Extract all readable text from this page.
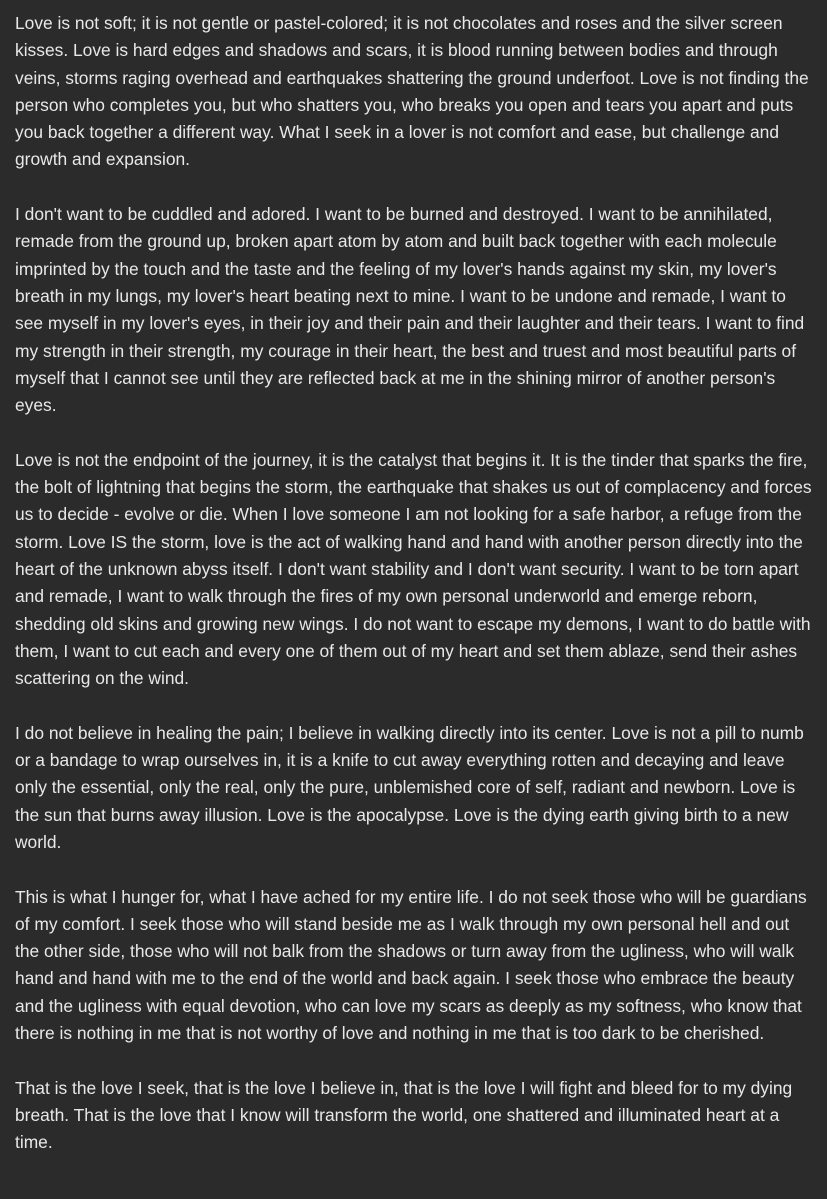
Love is not soft; it is not gentle or pastel-colored; it is not chocolates and roses and the silver screen kisses. Love is hard edges and shadows and scars, it is blood running between bodies and through veins, storms raging overhead and earthquakes shattering the ground underfoot. Love is not finding the person who completes you, but who shatters you, who breaks you open and tears you apart and puts you back together a different way. What I seek in a lover is not comfort and ease, but challenge and growth and expansion.

I don't want to be cuddled and adored. I want to be burned and destroyed. I want to be annihilated, remade from the ground up, broken apart atom by atom and built back together with each molecule imprinted by the touch and the taste and the feeling of my lover's hands against my skin, my lover's breath in my lungs, my lover's heart beating next to mine. I want to be undone and remade, I want to see myself in my lover's eyes, in their joy and their pain and their laughter and their tears. I want to find my strength in their strength, my courage in their heart, the best and truest and most beautiful parts of myself that I cannot see until they are reflected back at me in the shining mirror of another person's eyes.

Love is not the endpoint of the journey, it is the catalyst that begins it. It is the tinder that sparks the fire, the bolt of lightning that begins the storm, the earthquake that shakes us out of complacency and forces us to decide - evolve or die. When I love someone I am not looking for a safe harbor, a refuge from the storm. Love IS the storm, love is the act of walking hand and hand with another person directly into the heart of the unknown abyss itself. I don't want stability and I don't want security. I want to be torn apart and remade, I want to walk through the fires of my own personal underworld and emerge reborn, shedding old skins and growing new wings. I do not want to escape my demons, I want to do battle with them, I want to cut each and every one of them out of my heart and set them ablaze, send their ashes scattering on the wind.

I do not believe in healing the pain; I believe in walking directly into its center. Love is not a pill to numb or a bandage to wrap ourselves in, it is a knife to cut away everything rotten and decaying and leave only the essential, only the real, only the pure, unblemished core of self, radiant and newborn. Love is the sun that burns away illusion. Love is the apocalypse. Love is the dying earth giving birth to a new world.

This is what I hunger for, what I have ached for my entire life. I do not seek those who will be guardians of my comfort. I seek those who will stand beside me as I walk through my own personal hell and out the other side, those who will not balk from the shadows or turn away from the ugliness, who will walk hand and hand with me to the end of the world and back again. I seek those who embrace the beauty and the ugliness with equal devotion, who can love my scars as deeply as my softness, who know that there is nothing in me that is not worthy of love and nothing in me that is too dark to be cherished.

That is the love I seek, that is the love I believe in, that is the love I will fight and bleed for to my dying breath. That is the love that I know will transform the world, one shattered and illuminated heart at a time.
